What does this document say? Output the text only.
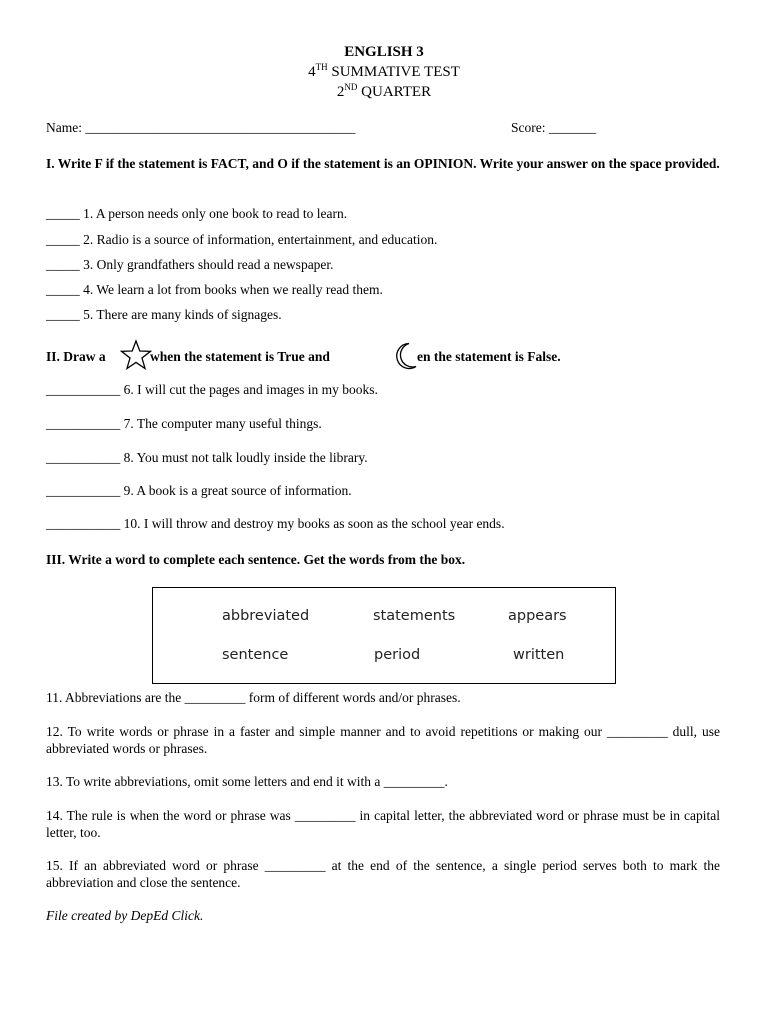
ENGLISH 3
4TH SUMMATIVE TEST
2ND QUARTER
Name: ________________________________________	Score: _______
I. Write F if the statement is FACT, and O if the statement is an OPINION. Write your answer on the space provided.
_____ 1. A person needs only one book to read to learn.
_____ 2. Radio is a source of information, entertainment, and education.
_____ 3. Only grandfathers should read a newspaper.
_____ 4. We learn a lot from books when we really read them.
_____ 5. There are many kinds of signages.
II. Draw a	when the statement is True and	en the statement is False.
___________ 6. I will cut the pages and images in my books.
___________ 7. The computer many useful things.
___________ 8. You must not talk loudly inside the library.
___________ 9. A book is a great source of information.
___________ 10. I will throw and destroy my books as soon as the school year ends.
III. Write a word to complete each sentence. Get the words from the box.
abbreviated	statements	appears
sentence	period	written
11. Abbreviations are the _________ form of different words and/or phrases.
12. To write words or phrase in a faster and simple manner and to avoid repetitions or making our _________ dull, use abbreviated words or phrases.
13. To write abbreviations, omit some letters and end it with a _________.
14. The rule is when the word or phrase was _________ in capital letter, the abbreviated word or phrase must be in capital letter, too.
15. If an abbreviated word or phrase _________ at the end of the sentence, a single period serves both to mark the abbreviation and close the sentence.
File created by DepEd Click.
